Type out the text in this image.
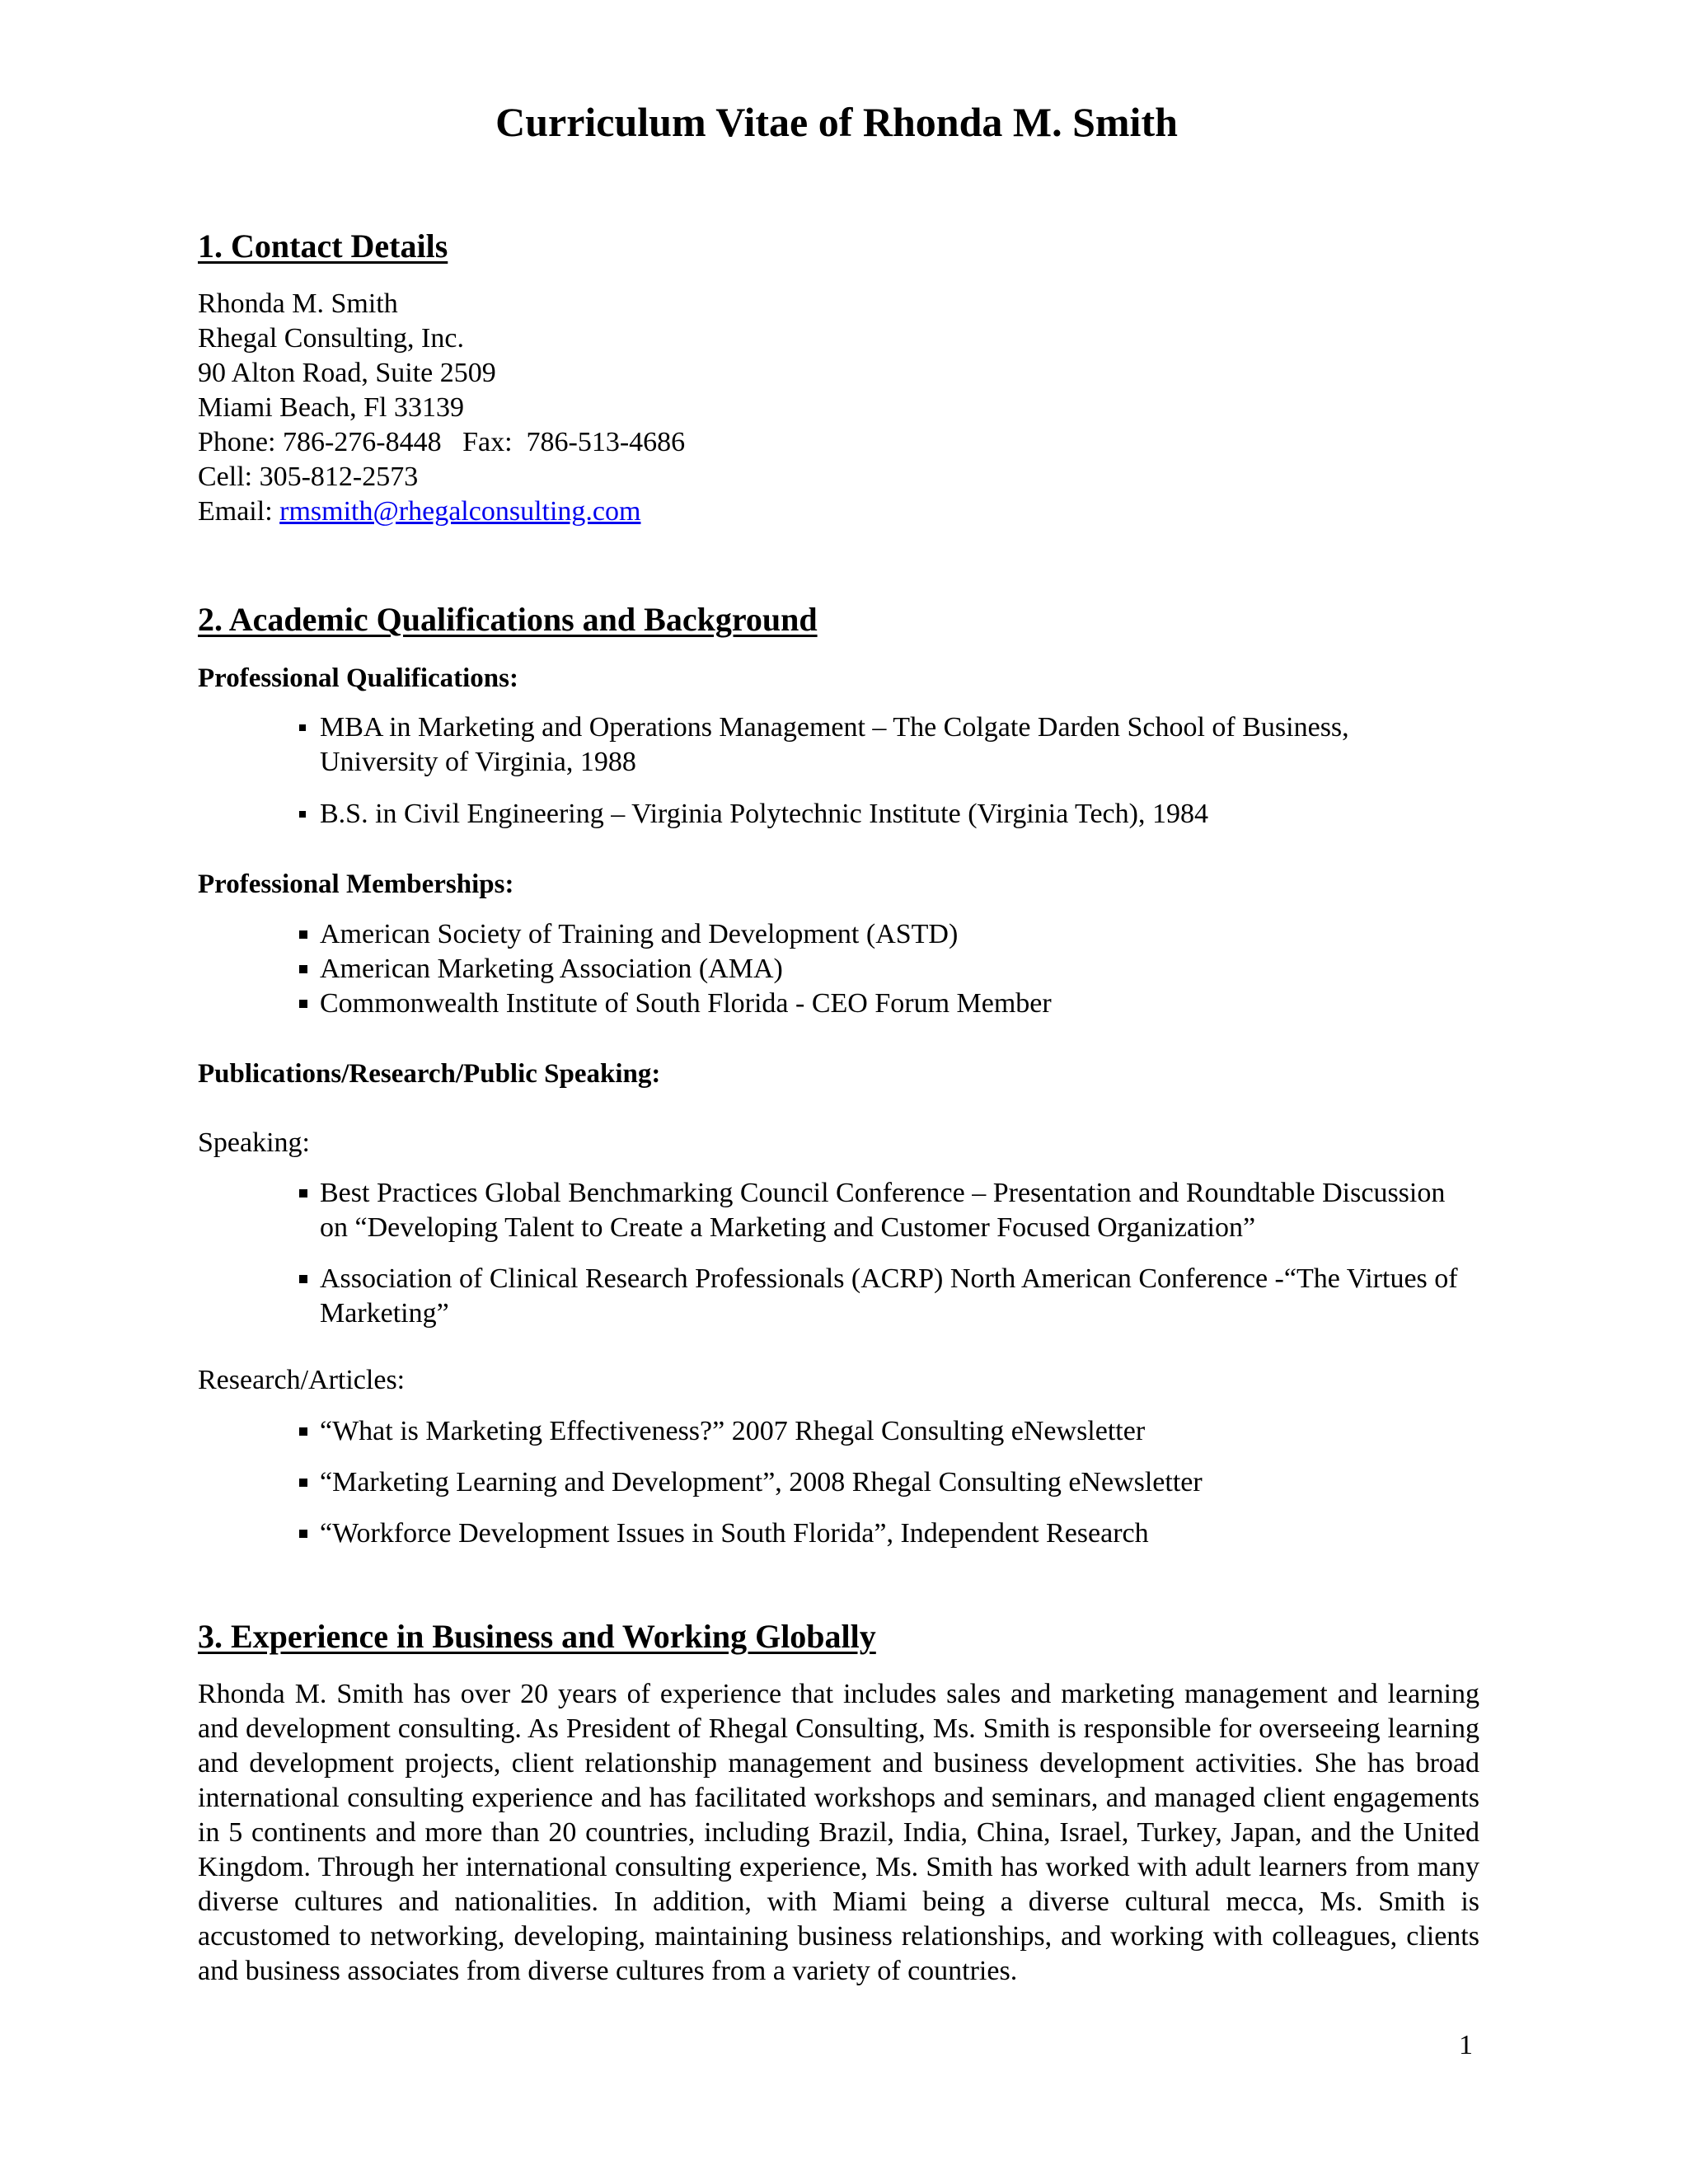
Curriculum Vitae of Rhonda M. Smith
1. Contact Details
Rhonda M. Smith
Rhegal Consulting, Inc.
90 Alton Road, Suite 2509
Miami Beach, Fl 33139
Phone: 786-276-8448   Fax:  786-513-4686
Cell: 305-812-2573
Email: rmsmith@rhegalconsulting.com
2. Academic Qualifications and Background
Professional Qualifications:
MBA in Marketing and Operations Management – The Colgate Darden School of Business, University of Virginia, 1988
B.S. in Civil Engineering – Virginia Polytechnic Institute (Virginia Tech), 1984
Professional Memberships:
American Society of Training and Development (ASTD)
American Marketing Association (AMA)
Commonwealth Institute of South Florida - CEO Forum Member
Publications/Research/Public Speaking:
Speaking:
Best Practices Global Benchmarking Council Conference – Presentation and Roundtable Discussion on “Developing Talent to Create a Marketing and Customer Focused Organization”
Association of Clinical Research Professionals (ACRP) North American Conference -“The Virtues of Marketing”
Research/Articles:
“What is Marketing Effectiveness?” 2007 Rhegal Consulting eNewsletter
“Marketing Learning and Development”, 2008 Rhegal Consulting eNewsletter
“Workforce Development Issues in South Florida”, Independent Research
3. Experience in Business and Working Globally

Rhonda M. Smith has over 20 years of experience that includes sales and marketing management and learning and development consulting. As President of Rhegal Consulting, Ms. Smith is responsible for overseeing learning and development projects, client relationship management and business development activities. She has broad international consulting experience and has facilitated workshops and seminars, and managed client engagements in 5 continents and more than 20 countries, including Brazil, India, China, Israel, Turkey, Japan, and the United Kingdom. Through her international consulting experience, Ms. Smith has worked with adult learners from many diverse cultures and nationalities. In addition, with Miami being a diverse cultural mecca, Ms. Smith is accustomed to networking, developing, maintaining business relationships, and working with colleagues, clients and business associates from diverse cultures from a variety of countries.

1
